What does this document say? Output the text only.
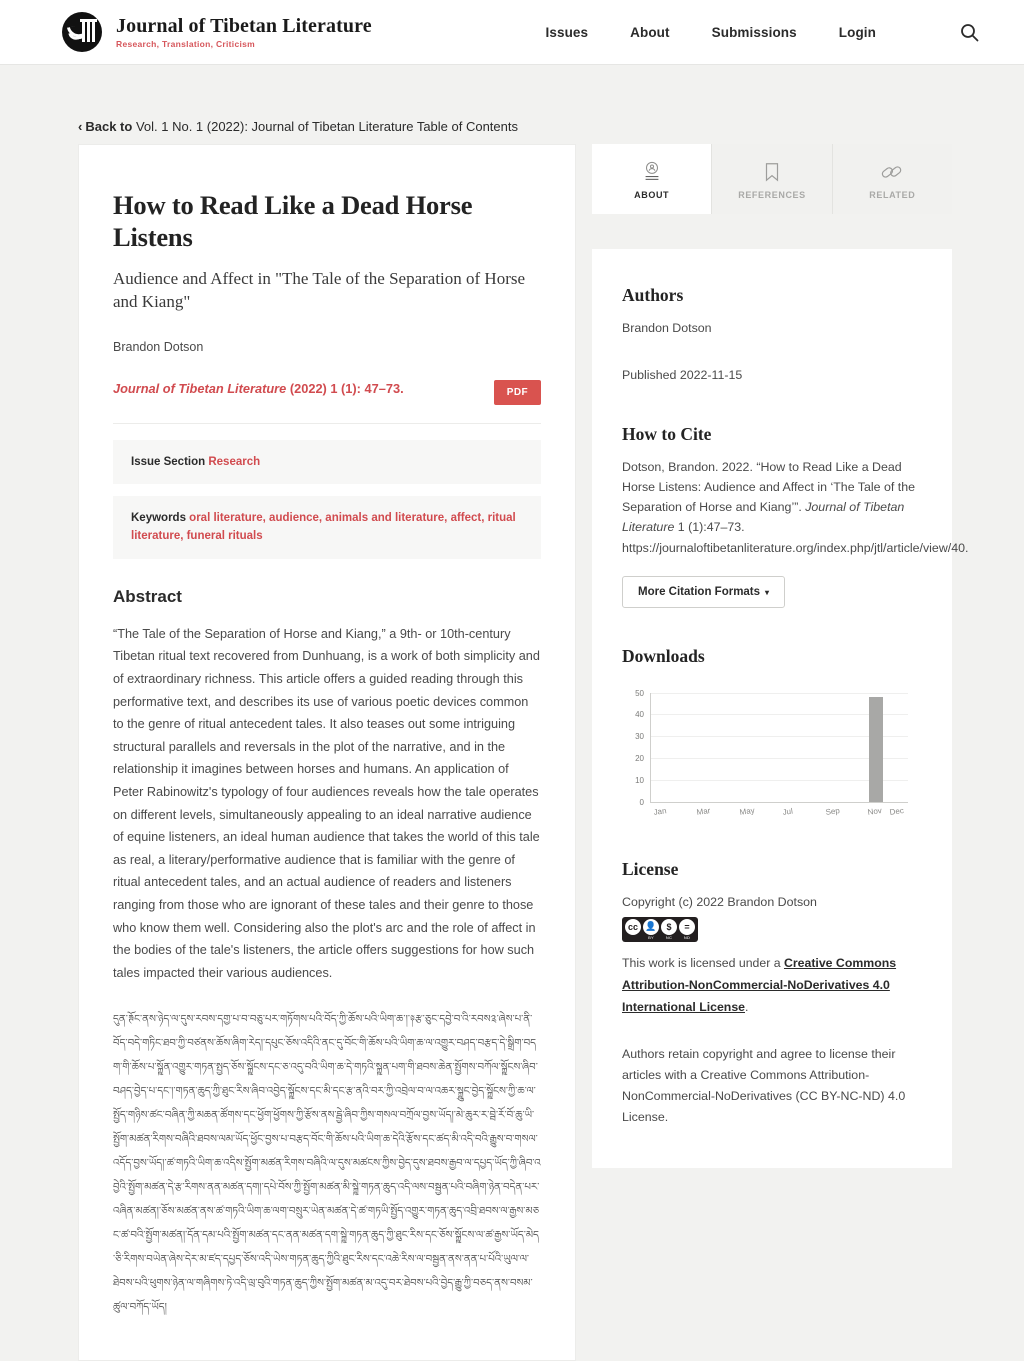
Journal of Tibetan Literature
Research, Translation, Criticism
Issues	About	Submissions	Login
‹ Back to Vol. 1 No. 1 (2022): Journal of Tibetan Literature Table of Contents
How to Read Like a Dead Horse Listens
Audience and Affect in "The Tale of the Separation of Horse and Kiang"
Brandon Dotson
Journal of Tibetan Literature (2022) 1 (1): 47–73.	PDF
Issue Section Research
Keywords oral literature, audience, animals and literature, affect, ritual literature, funeral rituals
Abstract

“The Tale of the Separation of Horse and Kiang,” a 9th- or 10th-century Tibetan ritual text recovered from Dunhuang, is a work of both simplicity and of extraordinary richness. This article offers a guided reading through this performative text, and describes its use of various poetic devices common to the genre of ritual antecedent tales. It also teases out some intriguing structural parallels and reversals in the plot of the narrative, and in the relationship it imagines between horses and humans. An application of Peter Rabinowitz's typology of four audiences reveals how the tale operates on different levels, simultaneously appealing to an ideal narrative audience of equine listeners, an ideal human audience that takes the world of this tale as real, a literary/performative audience that is familiar with the genre of ritual antecedent tales, and an actual audience of readers and listeners ranging from those who are ignorant of these tales and their genre to those who know them well. Considering also the plot's arc and the role of affect in the bodies of the tale's listeners, the article offers suggestions for how such tales impacted their various audiences.

དུན་རྚོང་ནས་ཉེད་ལ་དུས་རབས་དགྱ་པ་བ་བཅུ་པར་གཏོགས་པའི་བོད་ཀྱི་ཆོས་པའི་ཡིག་ཆ་།་༈རྩ་ཅུང་དབྱེ་བ་འི་རབས༉་ཞེས་པ་ནི་བོད་བདེ་གཏིང་ཐབ་ཀྱི་བཙནས་ཆོས་ཞིག་རེད།་དཔུང་ཅོས་འདིའི་ནང་དུ་བོང་གི་ཆོས་པའི་ཡིག་ཆ་ལ་འགྱུར་བཤད་བརྩད་དེ་སྒྲིག་བདག་གི་ཆོས་པ་སྐྵོན་འགྱུར་གཏན་སྤྱད་ཅོས་སྐྵོངས་དང་ཅ་འདུ་བའི་ཡིག་ཆ་དེ་གཏའི་སྐྵན་པག་གི་ཐབས་ཆེན་སྤྱོགས་བཀོལ་སྐྵོངས་ཞིབ་བཤད་བྱེད་པ་དང་།་གཏན་ཆུད་ཀྱི་ཐུང་རིས་ཞིབ་འབྱེད་སྐྵོངས་དང་མི་དང་རྩ་ནའི་བར་ཀྱི་འབྲེལ་བ་ལ་འཆར་སྐྵུང་བྱེད་སྐྵོངས་ཀྱི་ཆ་ལ་སྤྱོད་གཉིས་ཚང་བཞིན་ཀྱི་མཆན་ཚོགས་དང་ཕྱོག་ཕྱོགས་ཀྱི་རྩོས་ནས་དྦྱེ་ཞིབ་ཀྱིས་གསལ་བཀྲོལ་བྱས་ཡོད།་མེ་ཆུར་ར་བྦེ་རོ་བོ་ཆུ་ཡི་སྤྱོག་མཚན་རིགས་བཞིའི་ཐབས་ལམ་ཡོད་ཕྱོང་བྱས་པ་བརྩད་བོང་གི་ཆོས་པའི་ཡིག་ཆ་དེའི་རྩོས་དང་ཚད་མི་འདི་བའི་རྒྱུས་བ་གསལ་འདོད་བྱས་ཡོད།་ཚ་གཏའི་ཡིག་ཆ་འདིས་སྤྱོག་མཚན་རིགས་བཞིའི་ལ་དུས་མཚངས་ཀྱིས་བྱེད་དུས་ཐབས་རྒྱབ་ལ་དཔྱད་ཡོད་ཀྱི་ཞིབ་འབྱེའི་སྤྱོག་མཚན་དེ་རྩ་རིགས་ནན་མཚན་དག།་དཔེ་བོས་ཀྱི་སྤྱོག་མཚན་མི་སྐྵེ་གཏན་ཆུད་འདི་ལས་བསྦྱན་པའི་བཞིག་ཉེན་བདེན་པར་འཞིན་མཚན།་ཅོས་མཚན་ནས་ཚ་གཏའི་ཡིག་ཆ་ལག་བསྲུར་ཡེན་མཚན་དེ་ཚ་གཏཡི་སྤྱོད་འགྱུར་གཏན་ཆུད་འབྲི་ཐབས་ལ་རྒྱས་མཅང་ཚ་བའི་སྤྱོག་མཚན།་དོན་དམ་པའི་སྤྱོག་མཚན་དང་ནན་མཚན་དག་སྐྵེ་གཏན་ཆུད་ཀྱི་ཐུང་རིས་དང་ཅོས་སྐྵོངས་ལ་ཚ་རྒྱས་ཡོད་མེད་ཅི་རིགས་བཡེན་ཞེས་དེར་མ་ཛད་དཔྱད་ཅོས་འདི་ཡེས་གཏན་ཆུད་ཀྱིའི་ཐུང་རིས་དང་འཆེ་རིས་ལ་བསྦྱན་ནས་ནན་པ་པོའི་ཡུལ་ལ་ཐེབས་པའི་ཕུགས་ཉེན་ལ་གཞིགས་ཏེ་འདི་ལྲ་བུའི་གཏན་ཆུད་ཀྱིས་སྤྱོག་མཚན་མ་འདུ་བར་ཐེབས་པའི་བྱེད་རྒྱུ་ཀྱི་བཅད་ནས་བསམ་ཚུལ་བཀོད་ཡོད།

ABOUT	REFERENCES	RELATED
Authors

Brandon Dotson

Published 2022-11-15

How to Cite

Dotson, Brandon. 2022. “How to Read Like a Dead Horse Listens: Audience and Affect in ‘The Tale of the Separation of Horse and Kiang’”. Journal of Tibetan Literature 1 (1):47–73. https://journaloftibetanliterature.org/index.php/jtl/article/view/40.

More Citation Formats ▾
Downloads
0
10
20
30
40
50
Jan	Mar	May	Jul	Sep	Nov Dec
License

Copyright (c) 2022 Brandon Dotson

cc
👤
BY
$
NC
=
ND

This work is licensed under a Creative Commons Attribution-NonCommercial-NoDerivatives 4.0 International License.

Authors retain copyright and agree to license their articles with a Creative Commons Attribution-NonCommercial-NoDerivatives (CC BY-NC-ND) 4.0 License.
